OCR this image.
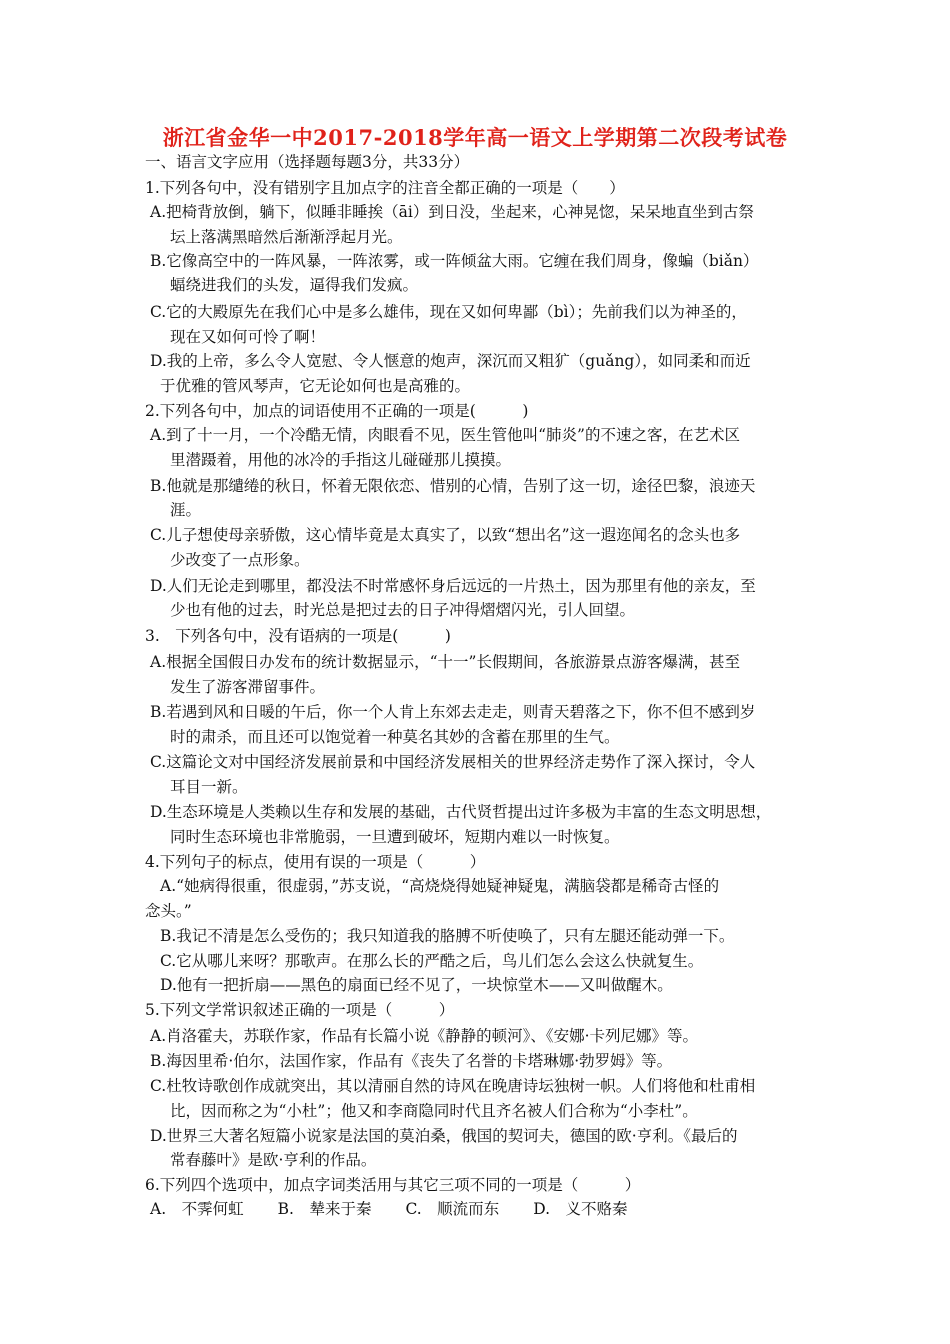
浙江省金华一中2017-2018学年高一语文上学期第二次段考试卷
一、语言文字应用（选择题每题3分，共33分）
1.下列各句中，没有错别字且加点字的注音全都正确的一项是（　　）
A.把椅背放倒，躺下，似睡非睡挨（āi）到日没，坐起来，心神晃惚，呆呆地直坐到古祭
坛上落满黑暗然后渐渐浮起月光。
B.它像高空中的一阵风暴，一阵浓雾，或一阵倾盆大雨。它缠在我们周身，像蝙（biǎn）
蝠绕进我们的头发，逼得我们发疯。
C.它的大殿原先在我们心中是多么雄伟，现在又如何卑鄙（bì）；先前我们以为神圣的，
现在又如何可怜了啊！
D.我的上帝，多么令人宽慰、令人惬意的炮声，深沉而又粗犷（guǎng），如同柔和而近
于优雅的管风琴声，它无论如何也是高雅的。
2.下列各句中，加点的词语使用不正确的一项是(　　　)
A.到了十一月，一个冷酷无情，肉眼看不见，医生管他叫“肺炎”的不速之客，在艺术区
里潜蹑着，用他的冰冷的手指这儿碰碰那儿摸摸。
B.他就是那缱绻的秋日，怀着无限依恋、惜别的心情，告别了这一切，途径巴黎，浪迹天
涯。
C.儿子想使母亲骄傲，这心情毕竟是太真实了，以致“想出名”这一遐迩闻名的念头也多
少改变了一点形象。
D.人们无论走到哪里，都没法不时常感怀身后远远的一片热土，因为那里有他的亲友，至
少也有他的过去，时光总是把过去的日子冲得熠熠闪光，引人回望。
3.　下列各句中，没有语病的一项是(　　　)
A.根据全国假日办发布的统计数据显示，“十一”长假期间，各旅游景点游客爆满，甚至
发生了游客滞留事件。
B.若遇到风和日暖的午后，你一个人肯上东郊去走走，则青天碧落之下，你不但不感到岁
时的肃杀，而且还可以饱觉着一种莫名其妙的含蓄在那里的生气。
C.这篇论文对中国经济发展前景和中国经济发展相关的世界经济走势作了深入探讨，令人
耳目一新。
D.生态环境是人类赖以生存和发展的基础，古代贤哲提出过许多极为丰富的生态文明思想，
同时生态环境也非常脆弱，一旦遭到破坏，短期内难以一时恢复。
4.下列句子的标点，使用有误的一项是（　　　）
A.“她病得很重，很虚弱，”苏支说，“高烧烧得她疑神疑鬼，满脑袋都是稀奇古怪的
念头。”
B.我记不清是怎么受伤的；我只知道我的胳膊不听使唤了，只有左腿还能动弹一下。
C.它从哪儿来呀？那歌声。在那么长的严酷之后，鸟儿们怎么会这么快就复生。
D.他有一把折扇——黑色的扇面已经不见了，一块惊堂木——又叫做醒木。
5.下列文学常识叙述正确的一项是（　　　）
A.肖洛霍夫，苏联作家，作品有长篇小说《静静的顿河》、《安娜·卡列尼娜》等。
B.海因里希·伯尔，法国作家，作品有《丧失了名誉的卡塔琳娜·勃罗姆》等。
C.杜牧诗歌创作成就突出，其以清丽自然的诗风在晚唐诗坛独树一帜。人们将他和杜甫相
比，因而称之为“小杜”；他又和李商隐同时代且齐名被人们合称为“小李杜”。
D.世界三大著名短篇小说家是法国的莫泊桑，俄国的契诃夫，德国的欧·亨利。《最后的
常春藤叶》是欧·亨利的作品。
6.下列四个选项中，加点字词类活用与其它三项不同的一项是（　　　）
A.　不霁何虹 B.　辇来于秦 C.　顺流而东 D.　义不赂秦
